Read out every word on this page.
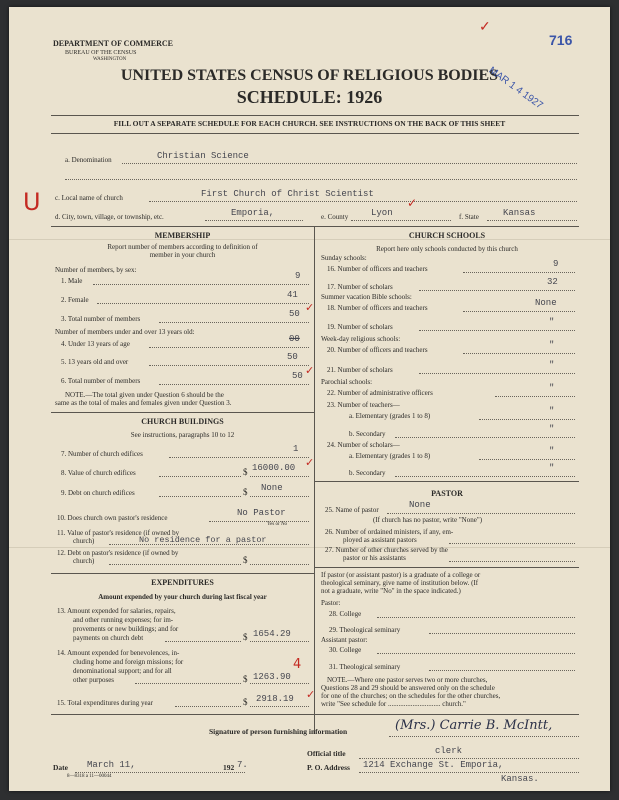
DEPARTMENT OF COMMERCE
BUREAU OF THE CENSUS
WASHINGTON
UNITED STATES CENSUS OF RELIGIOUS BODIES
SCHEDULE: 1926
FILL OUT A SEPARATE SCHEDULE FOR EACH CHURCH. SEE INSTRUCTIONS ON THE BACK OF THIS SHEET
716
MAR 1 4 1927
a. Denomination	Christian Science
U c. Local name of church	First Church of Christ Scientist
d. City, town, village, or township, etc.	Emporia,	e. County	Lyon	f. State	Kansas
MEMBERSHIP
Report number of members according to definition of
member in your church
Number of members, by sex:
1. Male	9
2. Female	41
3. Total number of members	50 ✓
Number of members under and over 13 years old:
4. Under 13 years of age	00
5. 13 years old and over	50
6. Total number of members	50 ✓
NOTE.—The total given under Question 6 should be the
same as the total of males and females given under Question 3.
CHURCH BUILDINGS
See instructions, paragraphs 10 to 12
7. Number of church edifices	1
8. Value of church edifices	$ 16000.00 ✓
9. Debt on church edifices	$ None
10. Does church own pastor's residence	No Pastor
Yes or No
11. Value of pastor's residence (if owned by
church)	No residence for a pastor
12. Debt on pastor's residence (if owned by
church)	$
EXPENDITURES
Amount expended by your church during last fiscal year
13. Amount expended for salaries, repairs,
and other running expenses; for im-
provements or new buildings; and for
payments on church debt	$ 1654.29
14. Amount expended for benevolences, in-
cluding home and foreign missions; for
denominational support; and for all
other purposes	$ 1263.90
4
15. Total expenditures during year	$ 2918.19 ✓
CHURCH SCHOOLS
Report here only schools conducted by this church
Sunday schools:
16. Number of officers and teachers	9
17. Number of scholars	32
Summer vacation Bible schools:
18. Number of officers and teachers	None
19. Number of scholars	"
Week-day religious schools:
20. Number of officers and teachers	"
21. Number of scholars	"
Parochial schools:
22. Number of administrative officers	"
23. Number of teachers—
a. Elementary (grades 1 to 8)	"
b. Secondary	"
24. Number of scholars—
a. Elementary (grades 1 to 8)	"
b. Secondary	"
PASTOR
25. Name of pastor	None
(If church has no pastor, write "None")
26. Number of ordained ministers, if any, em-
ployed as assistant pastors
27. Number of other churches served by the
pastor or his assistants
If pastor (or assistant pastor) is a graduate of a college or
theological seminary, give name of institution below. (If
not a graduate, write "No" in the space indicated.)
Pastor:
28. College
29. Theological seminary
Assistant pastor:
30. College
31. Theological seminary
NOTE.—Where one pastor serves two or more churches,
Questions 28 and 29 should be answered only on the schedule
for one of the churches; on the schedules for the other churches,
write "See schedule for .............................. church."
Signature of person furnishing information	(Mrs.) Carrie B. McIntt,
Official title	clerk
Date March 11,	192 7.
8—8318 a 11—00044
P. O. Address 1214 Exchange St. Emporia,
Kansas.
✓
✓
